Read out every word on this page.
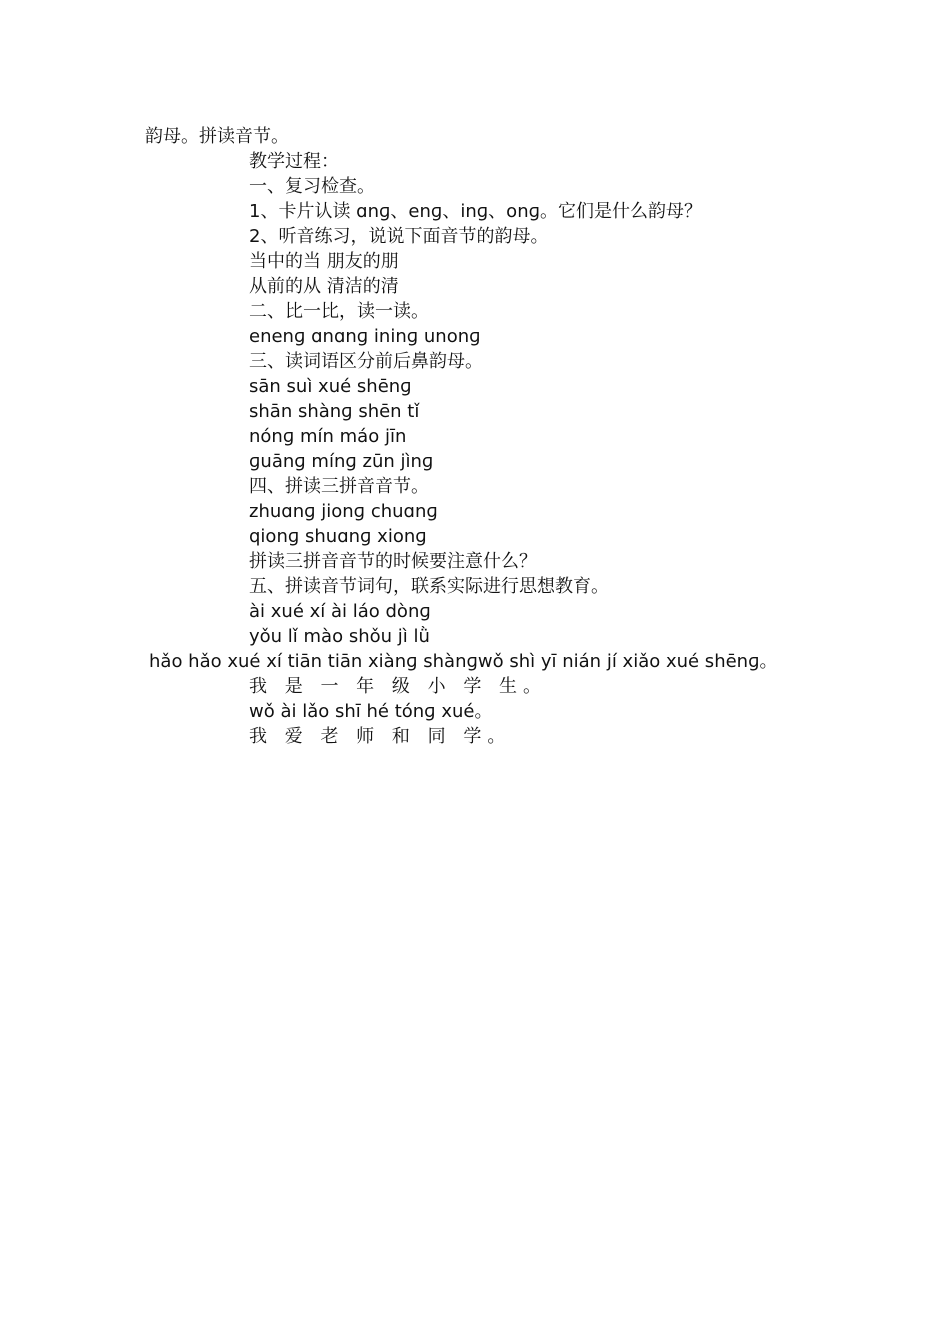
韵母。拼读音节。
教学过程：
一、复习检查。
1、卡片认读 ɑnɡ、enɡ、inɡ、onɡ。它们是什么韵母？
2、听音练习，说说下面音节的韵母。
当中的当 朋友的朋
从前的从 清洁的清
二、比一比，读一读。
enenɡ ɑnɑnɡ ininɡ unonɡ
三、读词语区分前后鼻韵母。
sān suì xué shēnɡ
shān shànɡ shēn tǐ
nónɡ mín máo jīn
ɡuānɡ mínɡ zūn jìnɡ
四、拼读三拼音音节。
zhuɑnɡ jionɡ chuɑnɡ
qionɡ shuɑnɡ xionɡ
拼读三拼音音节的时候要注意什么？
五、拼读音节词句，联系实际进行思想教育。
ài xué xí ài láo dònɡ
yǒu lǐ mào shǒu jì lǜ
hǎo hǎo xué xí tiān tiān xiànɡ shànɡwǒ shì yī nián jí xiǎo xué shēnɡ。
我 是 一 年 级 小 学 生。
wǒ ài lǎo shī hé tónɡ xué。
我 爱 老 师 和 同 学。
